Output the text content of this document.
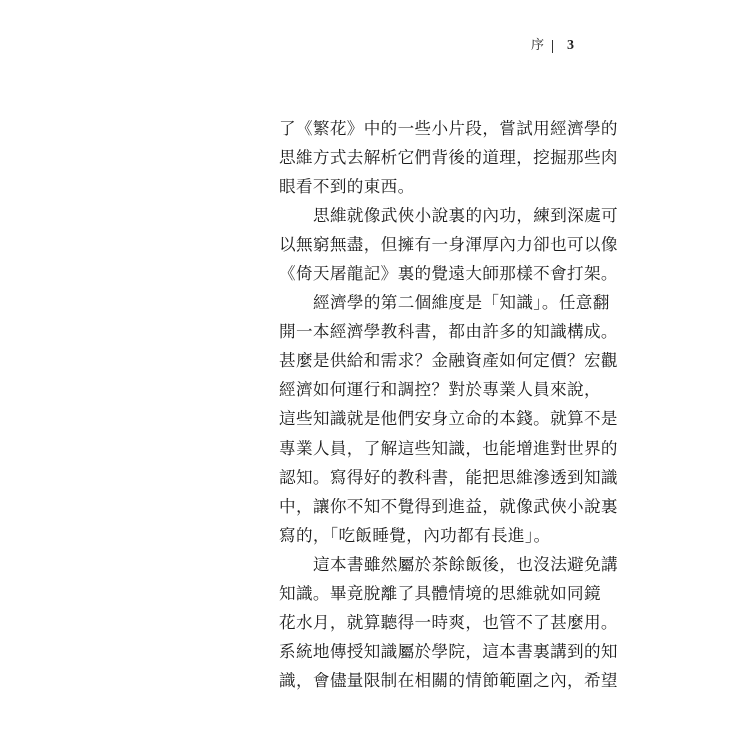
序 3
了《繁花》中的一些小片段，嘗試用經濟學的
思維方式去解析它們背後的道理，挖掘那些肉
眼看不到的東西。
思維就像武俠小說裏的內功，練到深處可
以無窮無盡，但擁有一身渾厚內力卻也可以像
《倚天屠龍記》裏的覺遠大師那樣不會打架。
經濟學的第二個維度是「知識」。任意翻
開一本經濟學教科書，都由許多的知識構成。
甚麼是供給和需求？金融資產如何定價？宏觀
經濟如何運行和調控？對於專業人員來說，
這些知識就是他們安身立命的本錢。就算不是
專業人員，了解這些知識，也能增進對世界的
認知。寫得好的教科書，能把思維滲透到知識
中，讓你不知不覺得到進益，就像武俠小說裏
寫的，「吃飯睡覺，內功都有長進」。
這本書雖然屬於茶餘飯後，也沒法避免講
知識。畢竟脫離了具體情境的思維就如同鏡
花水月，就算聽得一時爽，也管不了甚麼用。
系統地傳授知識屬於學院，這本書裏講到的知
識，會儘量限制在相關的情節範圍之內，希望
